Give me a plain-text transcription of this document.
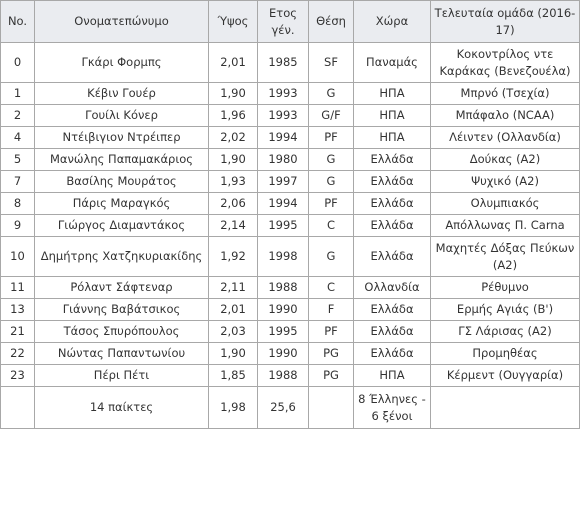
No.	Ονοματεπώνυμο	Ύψος	Ετος γέν.	Θέση	Χώρα	Τελευταία ομάδα (2016-17)
0	Γκάρι Φορμπς	2,01	1985	SF	Παναμάς	Κοκοντρίλος ντε Καράκας (Βενεζουέλα)
1	Κέβιν Γουέρ	1,90	1993	G	ΗΠΑ	Μπρνό (Τσεχία)
2	Γουίλι Κόνερ	1,96	1993	G/F	ΗΠΑ	Μπάφαλο (NCAA)
4	Ντέιβιγιον Ντρέιπερ	2,02	1994	PF	ΗΠΑ	Λέιντεν (Ολλανδία)
5	Μανώλης Παπαμακάριος	1,90	1980	G	Ελλάδα	Δούκας (Α2)
7	Βασίλης Μουράτος	1,93	1997	G	Ελλάδα	Ψυχικό (Α2)
8	Πάρις Μαραγκός	2,06	1994	PF	Ελλάδα	Ολυμπιακός
9	Γιώργος Διαμαντάκος	2,14	1995	C	Ελλάδα	Απόλλωνας Π. Carna
10	Δημήτρης Χατζηκυριακίδης	1,92	1998	G	Ελλάδα	Μαχητές Δόξας Πεύκων (Α2)
11	Ρόλαντ Σάφτεναρ	2,11	1988	C	Ολλανδία	Ρέθυμνο
13	Γιάννης Βαβάτσικος	2,01	1990	F	Ελλάδα	Ερμής Αγιάς (Β')
21	Τάσος Σπυρόπουλος	2,03	1995	PF	Ελλάδα	ΓΣ Λάρισας (Α2)
22	Νώντας Παπαντωνίου	1,90	1990	PG	Ελλάδα	Προμηθέας
23	Πέρι Πέτι	1,85	1988	PG	ΗΠΑ	Κέρμεντ (Ουγγαρία)
	14 παίκτες	1,98	25,6		8 Έλληνες - 6 ξένοι	
